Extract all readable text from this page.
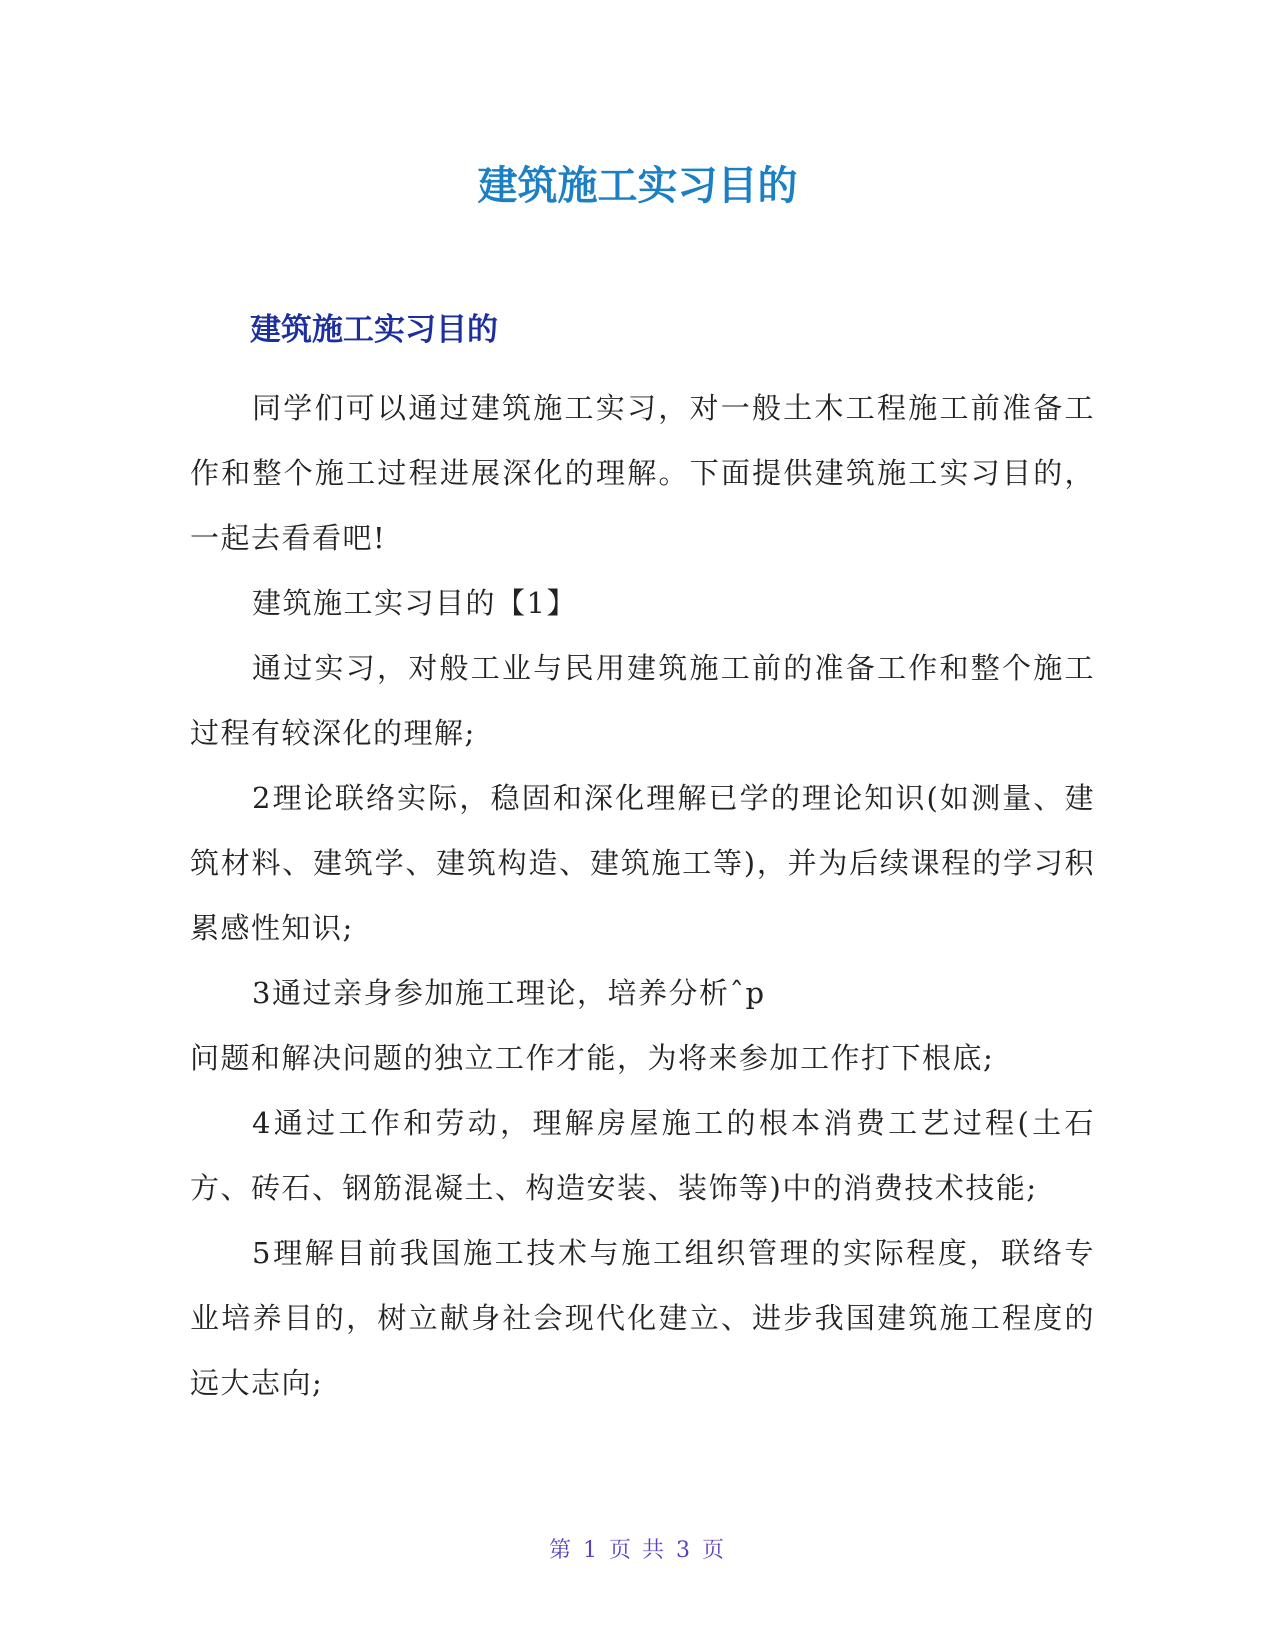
建筑施工实习目的
建筑施工实习目的

同学们可以通过建筑施工实习，对一般土木工程施工前准备工作和整个施工过程进展深化的理解。下面提供建筑施工实习目的，一起去看看吧!

建筑施工实习目的【1】

通过实习，对般工业与民用建筑施工前的准备工作和整个施工过程有较深化的理解;

2理论联络实际，稳固和深化理解已学的理论知识(如测量、建筑材料、建筑学、建筑构造、建筑施工等)，并为后续课程的学习积累感性知识;

3通过亲身参加施工理论，培养分析ˆp

问题和解决问题的独立工作才能，为将来参加工作打下根底;

4通过工作和劳动，理解房屋施工的根本消费工艺过程(土石方、砖石、钢筋混凝土、构造安装、装饰等)中的消费技术技能;

5理解目前我国施工技术与施工组织管理的实际程度，联络专业培养目的，树立献身社会现代化建立、进步我国建筑施工程度的远大志向;

第 1 页 共 3 页
